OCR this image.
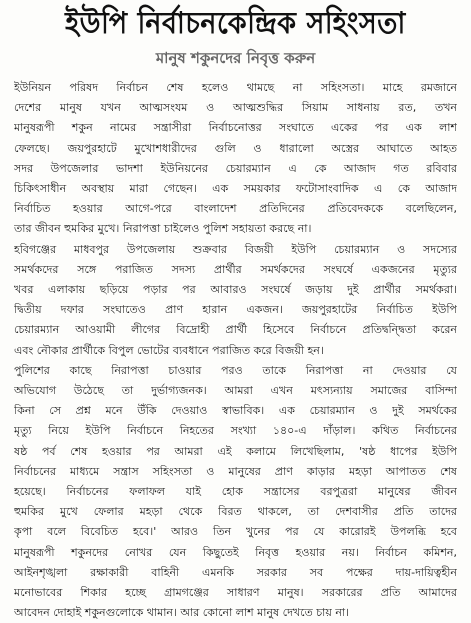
ইউপি নির্বাচনকেন্দ্রিক সহিংসতা
মানুষ শকুনদের নিবৃত্ত করুন
ইউনিয়ন পরিষদ নির্বাচন শেষ হলেও থামছে না সহিংসতা। মাহে রমজানে
দেশের মানুষ যখন আত্মসংযম ও আত্মশুদ্ধির সিয়াম সাধনায় রত, তখন
মানুষরূপী শকুন নামের সন্ত্রাসীরা নির্বাচনোত্তর সংঘাতে একের পর এক লাশ
ফেলছে। জয়পুরহাটে মুখোশধারীদের গুলি ও ধারালো অস্ত্রের আঘাতে আহত
সদর উপজেলার ভাদশা ইউনিয়নের চেয়ারম্যান এ কে আজাদ গত রবিবার
চিকিৎসাধীন অবস্থায় মারা গেছেন। এক সময়কার ফটোসাংবাদিক এ কে আজাদ
নির্বাচিত হওয়ার আগে-পরে বাংলাদেশ প্রতিদিনের প্রতিবেদককে বলেছিলেন,
তার জীবন হুমকির মুখে। নিরাপত্তা চাইলেও পুলিশ সহায়তা করছে না।
হবিগঞ্জের মাধবপুর উপজেলায় শুক্রবার বিজয়ী ইউপি চেয়ারম্যান ও সদস্যের
সমর্থকদের সঙ্গে পরাজিত সদস্য প্রার্থীর সমর্থকদের সংঘর্ষে একজনের মৃত্যুর
খবর এলাকায় ছড়িয়ে পড়ার পর আবারও সংঘর্ষে জড়ায় দুই প্রার্থীর সমর্থকরা।
দ্বিতীয় দফার সংঘাতেও প্রাণ হারান একজন। জয়পুরহাটের নির্বাচিত ইউপি
চেয়ারম্যান আওয়ামী লীগের বিদ্রোহী প্রার্থী হিসেবে নির্বাচনে প্রতিদ্বন্দ্বিতা করেন
এবং নৌকার প্রার্থীকে বিপুল ভোটের ব্যবধানে পরাজিত করে বিজয়ী হন।
পুলিশের কাছে নিরাপত্তা চাওয়ার পরও তাকে নিরাপত্তা না দেওয়ার যে
অভিযোগ উঠেছে তা দুর্ভাগ্যজনক। আমরা এখন মৎস্যন্যায় সমাজের বাসিন্দা
কিনা সে প্রশ্ন মনে উঁকি দেওয়াও স্বাভাবিক। এক চেয়ারম্যান ও দুই সমর্থকের
মৃত্যু নিয়ে ইউপি নির্বাচনে নিহতের সংখ্যা ১৪০-এ দাঁড়াল। কথিত নির্বাচনের
ষষ্ঠ পর্ব শেষ হওয়ার পর আমরা এই কলামে লিখেছিলাম, 'ষষ্ঠ ধাপের ইউপি
নির্বাচনের মাধ্যমে সন্ত্রাস সহিংসতা ও মানুষের প্রাণ কাড়ার মহড়া আপাতত শেষ
হয়েছে। নির্বাচনের ফলাফল যাই হোক সন্ত্রাসের বরপুত্ররা মানুষের জীবন
হুমকির মুখে ফেলার মহড়া থেকে বিরত থাকলে, তা দেশবাসীর প্রতি তাদের
কৃপা বলে বিবেচিত হবে।' আরও তিন খুনের পর যে কারোরই উপলব্ধি হবে
মানুষরূপী শকুনদের নোখর যেন কিছুতেই নিবৃত্ত হওয়ার নয়। নির্বাচন কমিশন,
আইনশৃঙ্খলা রক্ষাকারী বাহিনী এমনকি সরকার সব পক্ষের দায়-দায়িত্বহীন
মনোভাবের শিকার হচ্ছে গ্রামগঞ্জের সাধারণ মানুষ। সরকারের প্রতি আমাদের
আবেদন দোহাই শকুনগুলোকে থামান। আর কোনো লাশ মানুষ দেখতে চায় না।
